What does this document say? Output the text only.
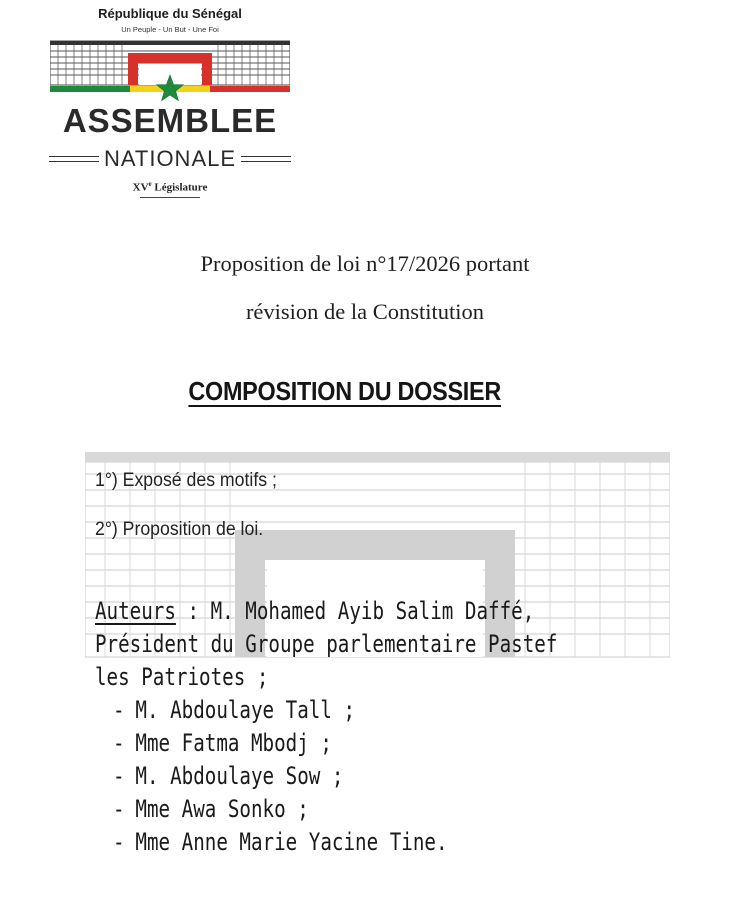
République du Sénégal
Un Peuple - Un But - Une Foi
ASSEMBLEE
NATIONALE
XVe Législature
Proposition de loi n°17/2026 portant
révision de la Constitution
COMPOSITION DU DOSSIER
1°) Exposé des motifs ;
2°) Proposition de loi.
Auteurs : M. Mohamed Ayib Salim Daffé,
Président du Groupe parlementaire Pastef
les Patriotes ;
- M. Abdoulaye Tall ;
- Mme Fatma Mbodj ;
- M. Abdoulaye Sow ;
- Mme Awa Sonko ;
- Mme Anne Marie Yacine Tine.
